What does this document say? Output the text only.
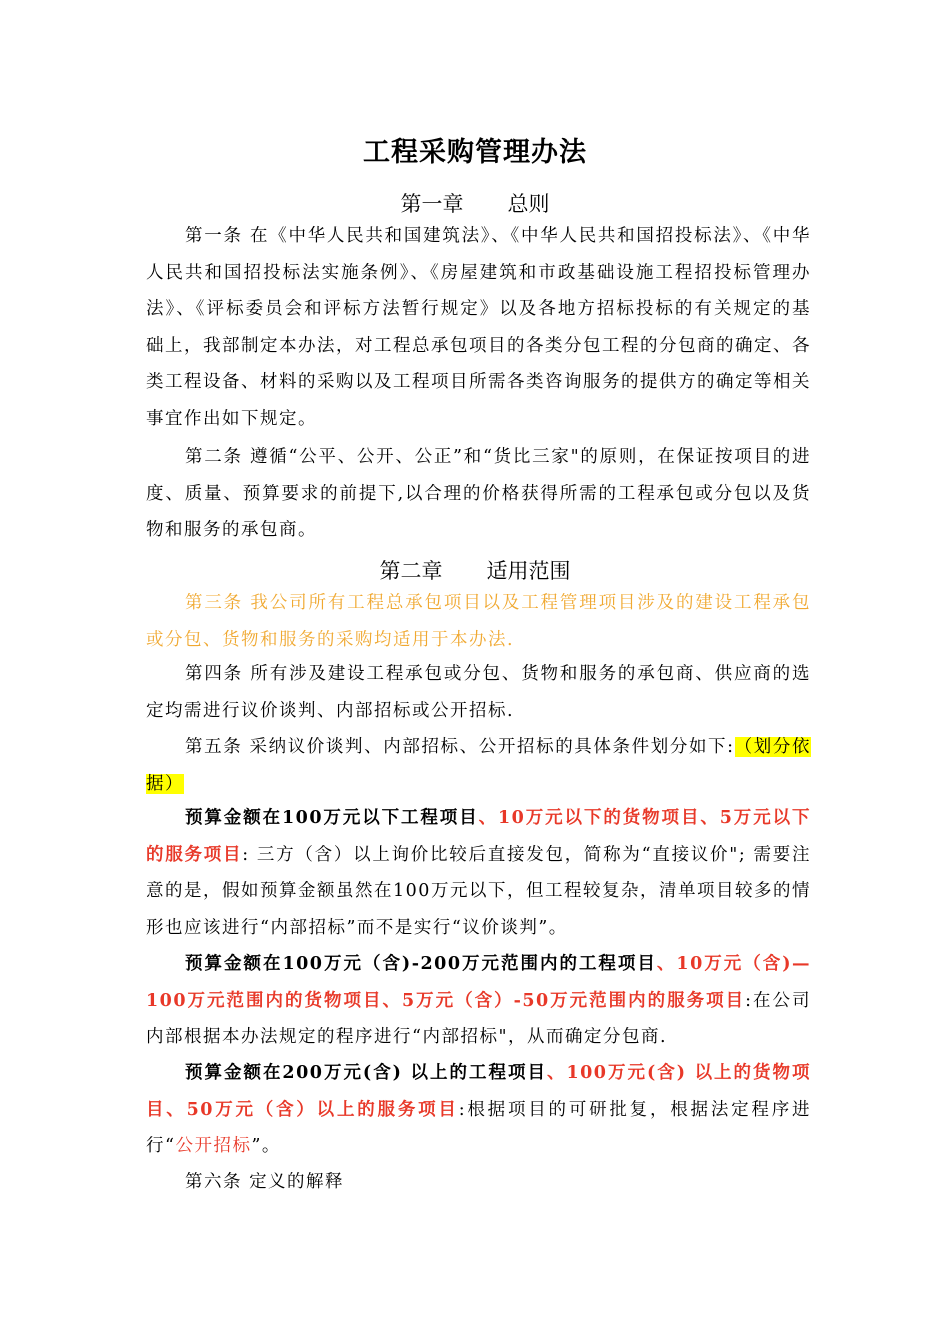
工程采购管理办法
第一章 总则

第一条 在《中华人民共和国建筑法》、《中华人民共和国招投标法》、《中华人民共和国招投标法实施条例》、《房屋建筑和市政基础设施工程招投标管理办法》、《评标委员会和评标方法暂行规定》以及各地方招标投标的有关规定的基础上，我部制定本办法，对工程总承包项目的各类分包工程的分包商的确定、各类工程设备、材料的采购以及工程项目所需各类咨询服务的提供方的确定等相关事宜作出如下规定。

第二条 遵循“公平、公开、公正”和“货比三家"的原则，在保证按项目的进度、质量、预算要求的前提下,以合理的价格获得所需的工程承包或分包以及货物和服务的承包商。

第二章 适用范围

第三条 我公司所有工程总承包项目以及工程管理项目涉及的建设工程承包或分包、货物和服务的采购均适用于本办法.

第四条 所有涉及建设工程承包或分包、货物和服务的承包商、供应商的选定均需进行议价谈判、内部招标或公开招标.

第五条 采纳议价谈判、内部招标、公开招标的具体条件划分如下:（划分依据）

预算金额在100万元以下工程项目、10万元以下的货物项目、5万元以下的服务项目: 三方（含）以上询价比较后直接发包，简称为“直接议价"; 需要注意的是，假如预算金额虽然在100万元以下，但工程较复杂，清单项目较多的情形也应该进行“内部招标”而不是实行“议价谈判”。

预算金额在100万元（含)-200万元范围内的工程项目、10万元（含)—100万元范围内的货物项目、5万元（含）-50万元范围内的服务项目:在公司内部根据本办法规定的程序进行“内部招标"，从而确定分包商.

预算金额在200万元(含) 以上的工程项目、100万元(含) 以上的货物项目、50万元（含）以上的服务项目:根据项目的可研批复，根据法定程序进行“公开招标”。

第六条 定义的解释
